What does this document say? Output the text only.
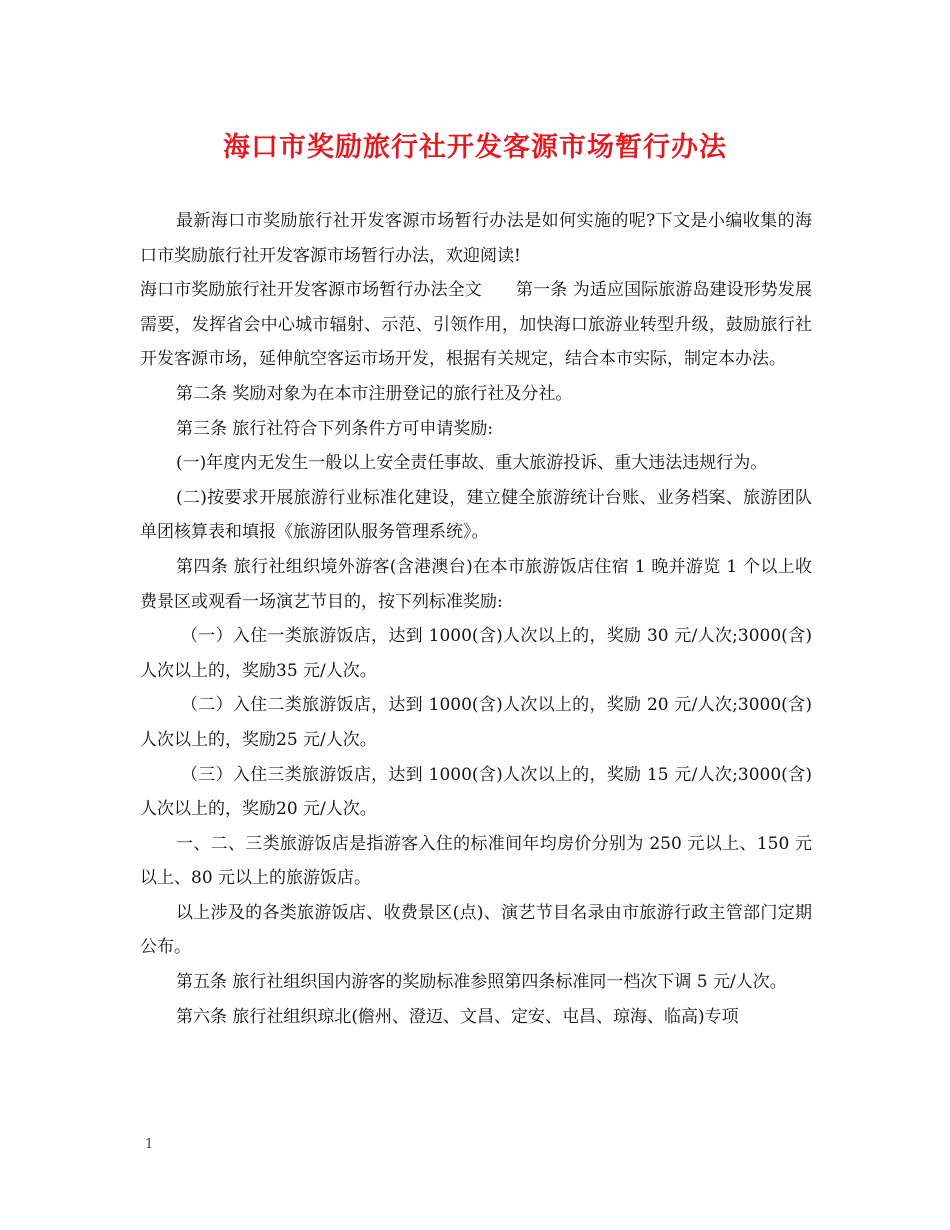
海口市奖励旅行社开发客源市场暂行办法

最新海口市奖励旅行社开发客源市场暂行办法是如何实施的呢?下文是小编收集的海口市奖励旅行社开发客源市场暂行办法，欢迎阅读!

海口市奖励旅行社开发客源市场暂行办法全文　　第一条 为适应国际旅游岛建设形势发展需要，发挥省会中心城市辐射、示范、引领作用，加快海口旅游业转型升级，鼓励旅行社开发客源市场，延伸航空客运市场开发，根据有关规定，结合本市实际，制定本办法。

第二条 奖励对象为在本市注册登记的旅行社及分社。

第三条 旅行社符合下列条件方可申请奖励:

(一)年度内无发生一般以上安全责任事故、重大旅游投诉、重大违法违规行为。

(二)按要求开展旅游行业标准化建设，建立健全旅游统计台账、业务档案、旅游团队单团核算表和填报《旅游团队服务管理系统》。

第四条 旅行社组织境外游客(含港澳台)在本市旅游饭店住宿 1 晚并游览 1 个以上收费景区或观看一场演艺节目的，按下列标准奖励:

（一）入住一类旅游饭店，达到 1000(含)人次以上的，奖励 30 元/人次;3000(含)人次以上的，奖励35 元/人次。

（二）入住二类旅游饭店，达到 1000(含)人次以上的，奖励 20 元/人次;3000(含)人次以上的，奖励25 元/人次。

（三）入住三类旅游饭店，达到 1000(含)人次以上的，奖励 15 元/人次;3000(含)人次以上的，奖励20 元/人次。

一、二、三类旅游饭店是指游客入住的标准间年均房价分别为 250 元以上、150 元以上、80 元以上的旅游饭店。

以上涉及的各类旅游饭店、收费景区(点)、演艺节目名录由市旅游行政主管部门定期公布。

第五条 旅行社组织国内游客的奖励标准参照第四条标准同一档次下调 5 元/人次。

第六条 旅行社组织琼北(儋州、澄迈、文昌、定安、屯昌、琼海、临高)专项

1
